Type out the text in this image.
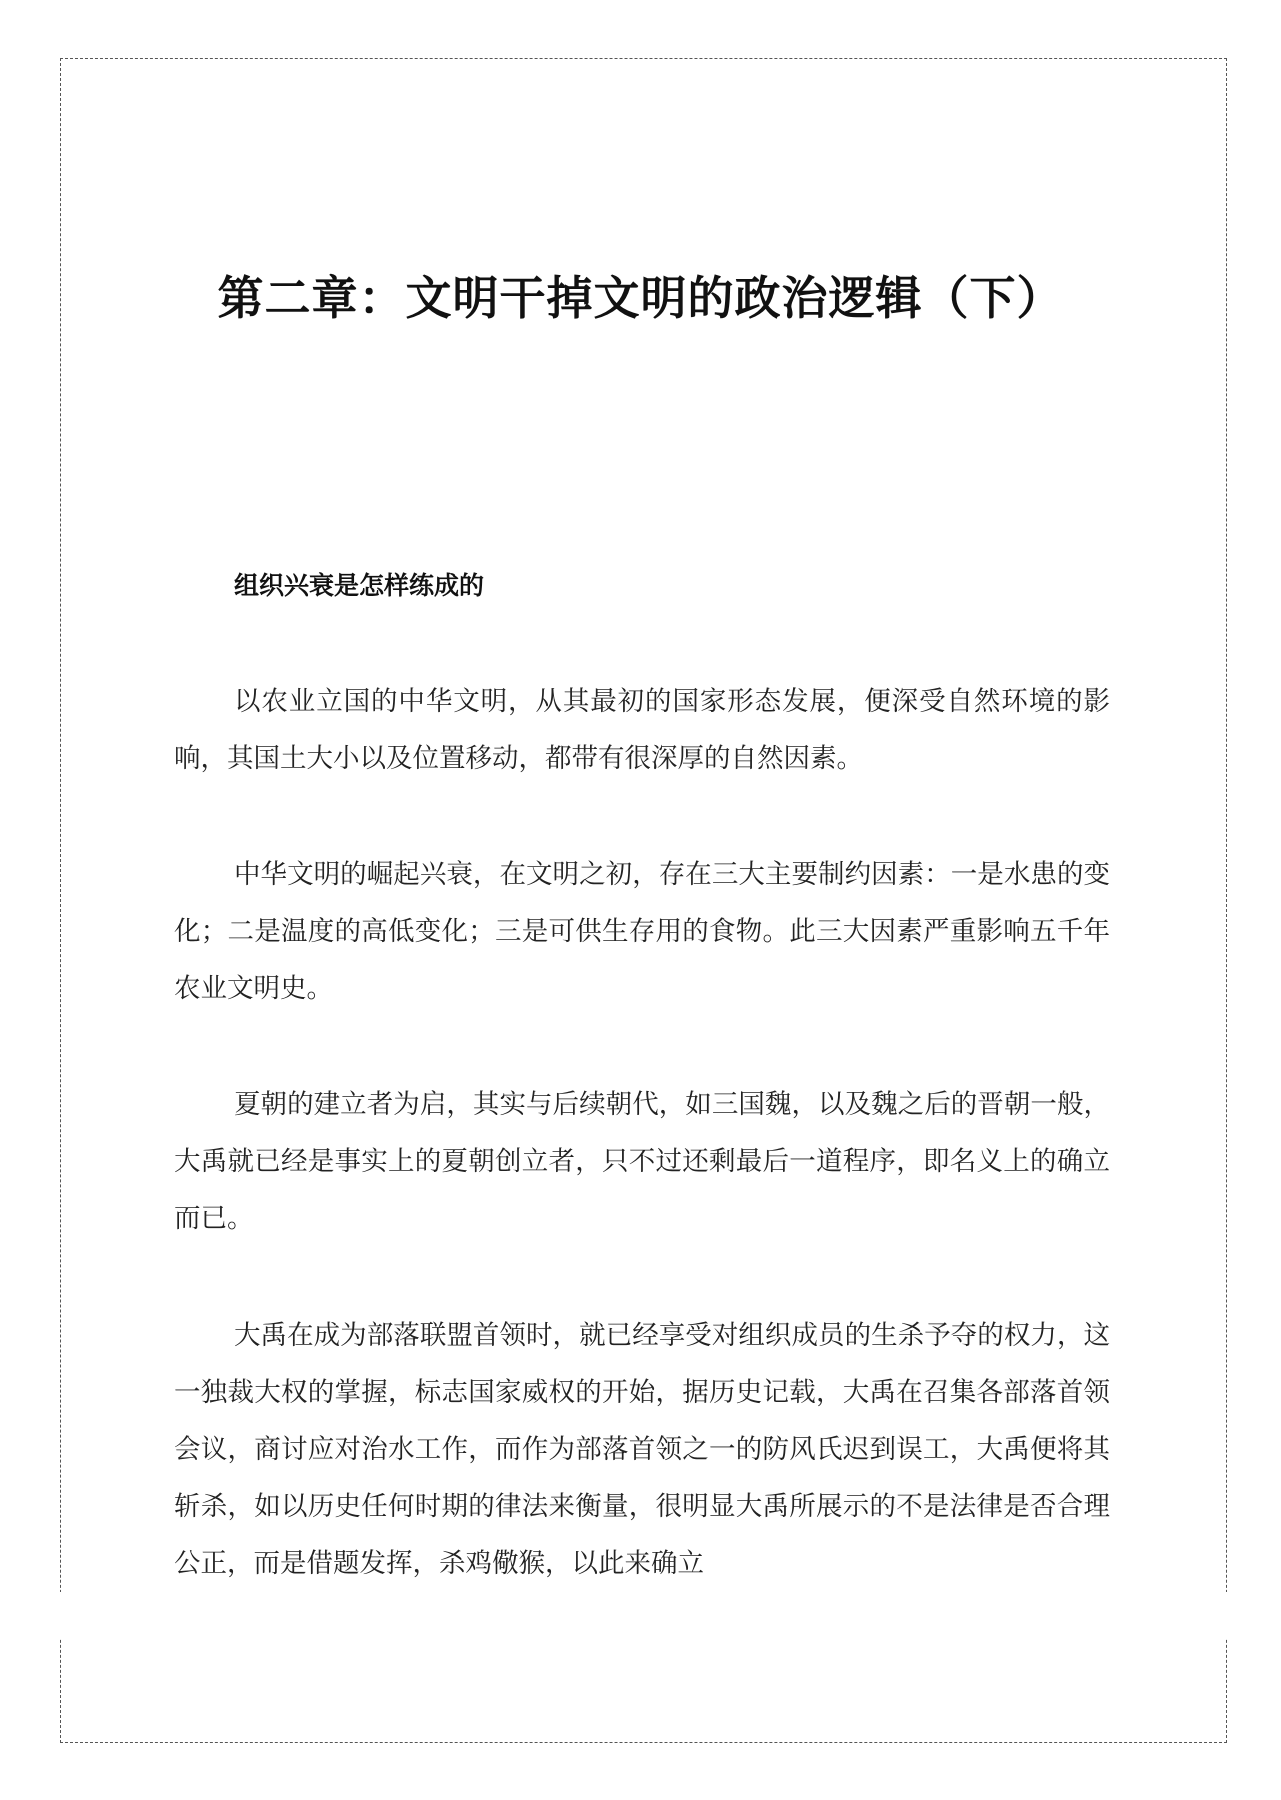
第二章：文明干掉文明的政治逻辑（下）
组织兴衰是怎样练成的

以农业立国的中华文明，从其最初的国家形态发展，便深受自然环境的影响，其国土大小以及位置移动，都带有很深厚的自然因素。

中华文明的崛起兴衰，在文明之初，存在三大主要制约因素：一是水患的变化；二是温度的高低变化；三是可供生存用的食物。此三大因素严重影响五千年农业文明史。

夏朝的建立者为启，其实与后续朝代，如三国魏，以及魏之后的晋朝一般，大禹就已经是事实上的夏朝创立者，只不过还剩最后一道程序，即名义上的确立而已。

大禹在成为部落联盟首领时，就已经享受对组织成员的生杀予夺的权力，这一独裁大权的掌握，标志国家威权的开始，据历史记载，大禹在召集各部落首领会议，商讨应对治水工作，而作为部落首领之一的防风氏迟到误工，大禹便将其斩杀，如以历史任何时期的律法来衡量，很明显大禹所展示的不是法律是否合理公正，而是借题发挥，杀鸡儆猴，以此来确立
